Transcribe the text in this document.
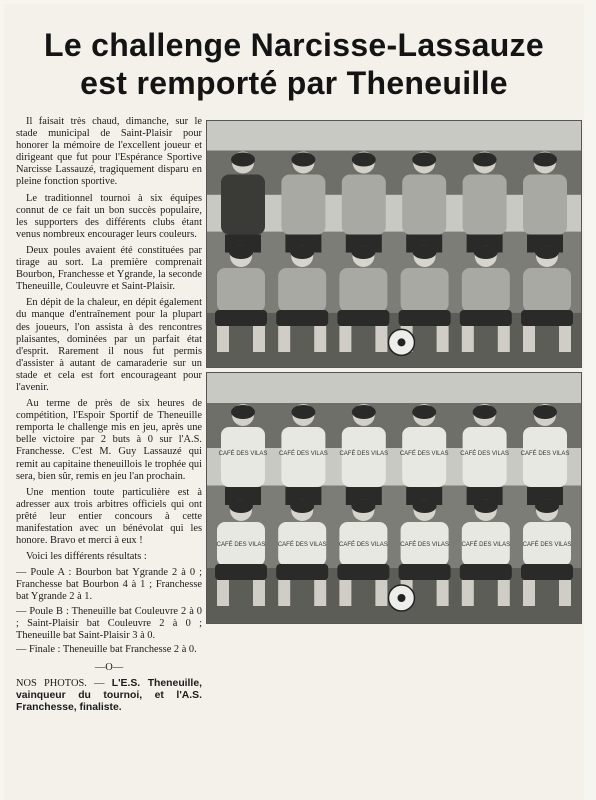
Le challenge Narcisse-Lassauze
est remporté par Theneuille

Il faisait très chaud, dimanche, sur le stade municipal de Saint-Plaisir pour honorer la mémoire de l'excellent joueur et dirigeant que fut pour l'Espérance Sportive Narcisse Lassauzé, tragiquement disparu en pleine fonction sportive.

Le traditionnel tournoi à six équipes connut de ce fait un bon succès populaire, les supporters des différents clubs étant venus nombreux encourager leurs couleurs.

Deux poules avaient été constituées par tirage au sort. La première comprenait Bourbon, Franchesse et Ygrande, la seconde Theneuille, Couleuvre et Saint-Plaisir.

En dépit de la chaleur, en dépit également du manque d'entraînement pour la plupart des joueurs, l'on assista à des rencontres plaisantes, dominées par un parfait état d'esprit. Rarement il nous fut permis d'assister à autant de camaraderie sur un stade et cela est fort encourageant pour l'avenir.

Au terme de près de six heures de compétition, l'Espoir Sportif de Theneuille remporta le challenge mis en jeu, après une belle victoire par 2 buts à 0 sur l'A.S. Franchesse. C'est M. Guy Lassauzé qui remit au capitaine theneuillois le trophée qui sera, bien sûr, remis en jeu l'an prochain.

Une mention toute particulière est à adresser aux trois arbitres officiels qui ont prêté leur entier concours à cette manifestation avec un bénévolat qui les honore. Bravo et merci à eux !

Voici les différents résultats :

— Poule A : Bourbon bat Ygrande 2 à 0 ; Franchesse bat Bourbon 4 à 1 ; Franchesse bat Ygrande 2 à 1.

— Poule B : Theneuille bat Couleuvre 2 à 0 ; Saint-Plaisir bat Couleuvre 2 à 0 ; Theneuille bat Saint-Plaisir 3 à 0.

— Finale : Theneuille bat Franchesse 2 à 0.

—O—

NOS PHOTOS. — L'E.S. Theneuille, vainqueur du tournoi, et l'A.S. Franchesse, finaliste.

CAFÉ DES VILAS CAFÉ DES VILAS CAFÉ DES VILAS CAFÉ DES VILAS CAFÉ DES VILAS CAFÉ DES VILAS
CAFÉ DES VILAS CAFÉ DES VILAS CAFÉ DES VILAS CAFÉ DES VILAS CAFÉ DES VILAS CAFÉ DES VILAS
